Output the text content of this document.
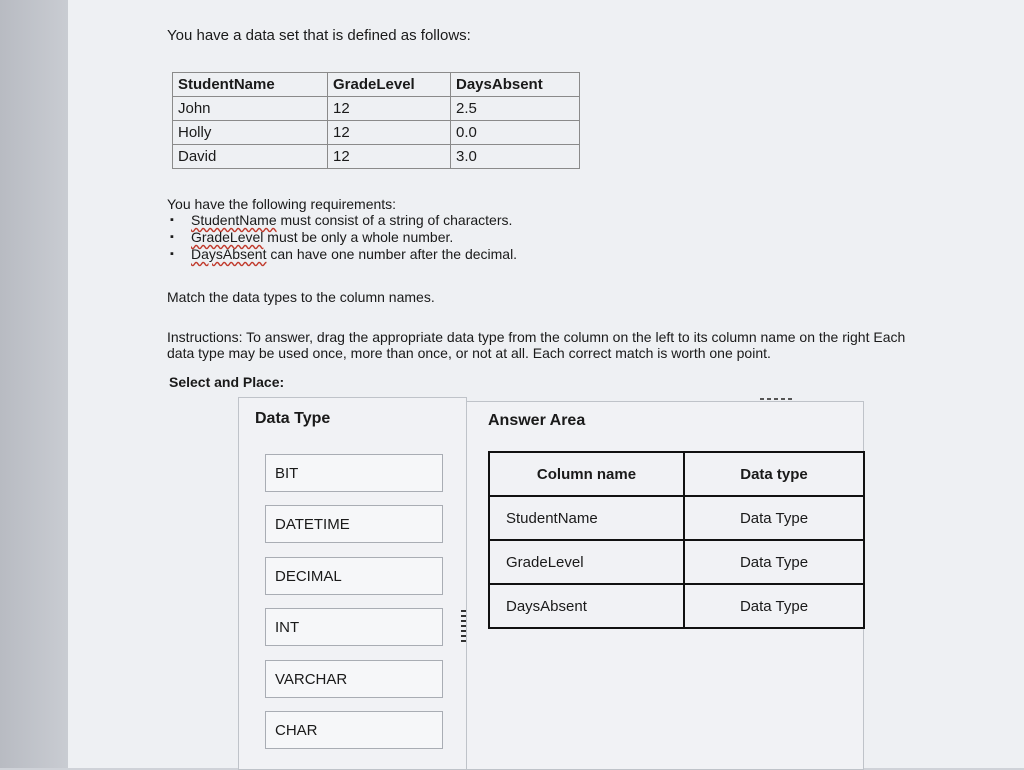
You have a data set that is defined as follows:
StudentName	GradeLevel	DaysAbsent
John	12	2.5
Holly	12	0.0
David	12	3.0
You have the following requirements:
▪ StudentName must consist of a string of characters.
▪ GradeLevel must be only a whole number.
▪ DaysAbsent can have one number after the decimal.
Match the data types to the column names.
Instructions: To answer, drag the appropriate data type from the column on the left to its column name on the right Each data type may be used once, more than once, or not at all. Each correct match is worth one point.
Select and Place:
Data Type
BIT
DATETIME
DECIMAL
INT
VARCHAR
CHAR
Answer Area
Column name	Data type
StudentName	Data Type
GradeLevel	Data Type
DaysAbsent	Data Type
